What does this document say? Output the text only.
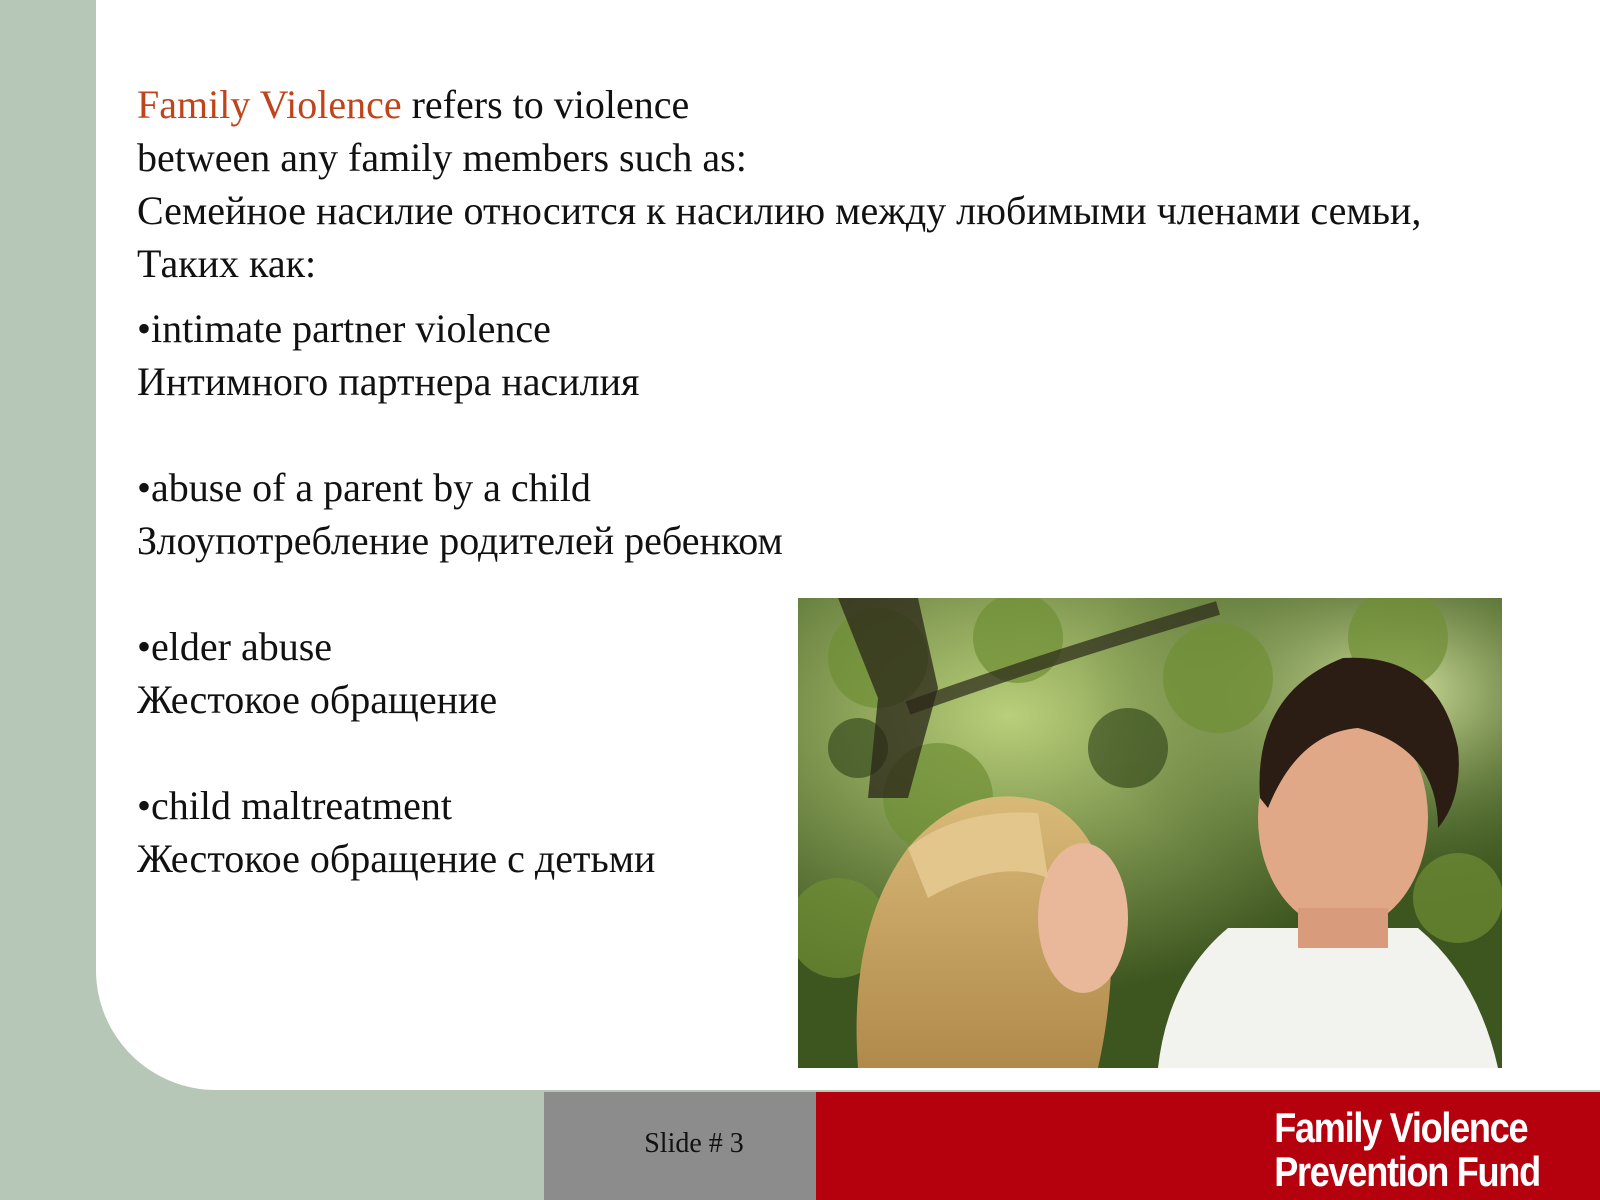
Family Violence refers to violence
between any family members such as:
Семейное насилие относится к насилию между любимыми членами семьи,
Таких как:
•intimate partner violence
Интимного партнера насилия
•abuse of a parent by a child
Злоупотребление родителей ребенком
•elder abuse
Жестокое обращение
•child maltreatment
Жестокое обращение с детьми
Slide # 3	Family Violence
Prevention Fund
